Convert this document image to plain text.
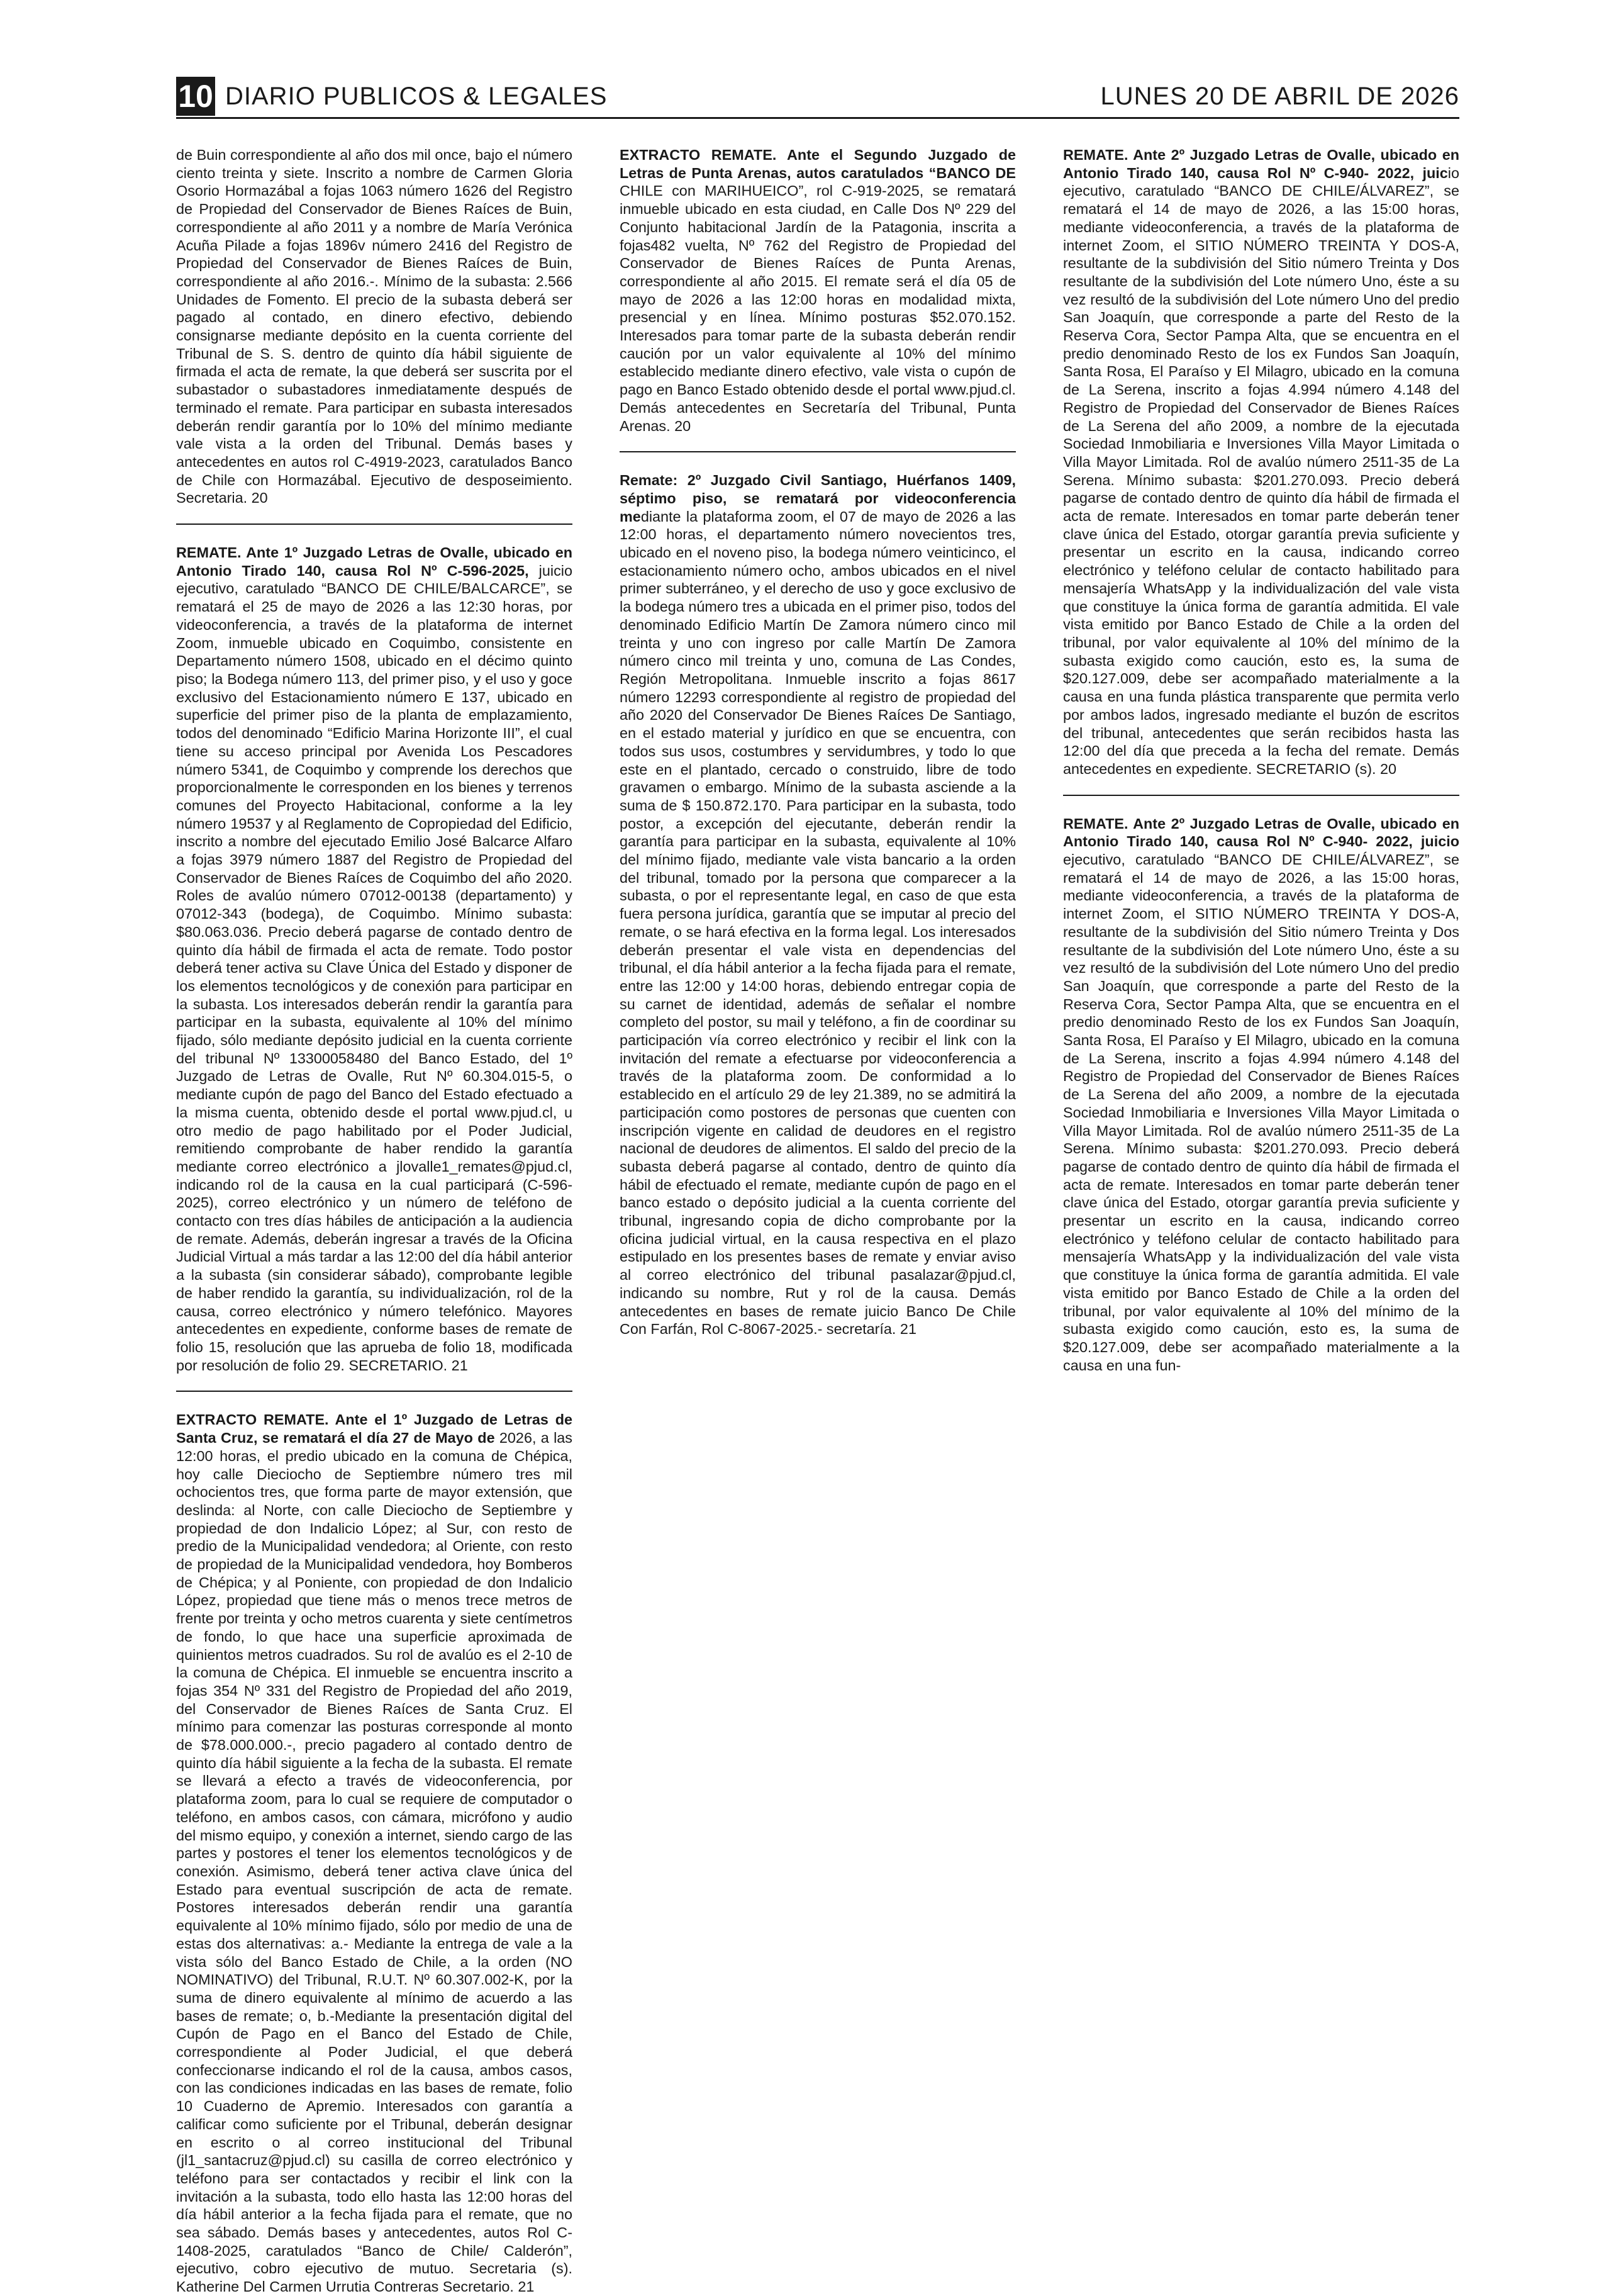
10 DIARIO PUBLICOS & LEGALES	LUNES 20 DE ABRIL DE 2026

de Buin correspondiente al año dos mil once, bajo el número ciento treinta y siete. Inscrito a nombre de Carmen Gloria Osorio Hormazábal a fojas 1063 número 1626 del Registro de Propiedad del Conservador de Bienes Raíces de Buin, correspondiente al año 2011 y a nombre de María Verónica Acuña Pilade a fojas 1896v número 2416 del Registro de Propiedad del Conservador de Bienes Raíces de Buin, correspondiente al año 2016.-. Mínimo de la subasta: 2.566 Unidades de Fomento. El precio de la subasta deberá ser pagado al contado, en dinero efectivo, debiendo consignarse mediante depósito en la cuenta corriente del Tribunal de S. S. dentro de quinto día hábil siguiente de firmada el acta de remate, la que deberá ser suscrita por el subastador o subastadores inmediatamente después de terminado el remate. Para participar en subasta interesados deberán rendir garantía por lo 10% del mínimo mediante vale vista a la orden del Tribunal. Demás bases y antecedentes en autos rol C-4919-2023, caratulados Banco de Chile con Hormazábal. Ejecutivo de desposeimiento. Secretaria. 20

REMATE. Ante 1º Juzgado Letras de Ovalle, ubicado en Antonio Tirado 140, causa Rol Nº C-596-2025, juicio ejecutivo, caratulado “BANCO DE CHILE/BALCARCE”, se rematará el 25 de mayo de 2026 a las 12:30 horas, por videoconferencia, a través de la plataforma de internet Zoom, inmueble ubicado en Coquimbo, consistente en Departamento número 1508, ubicado en el décimo quinto piso; la Bodega número 113, del primer piso, y el uso y goce exclusivo del Estacionamiento número E 137, ubicado en superficie del primer piso de la planta de emplazamiento, todos del denominado “Edificio Marina Horizonte III”, el cual tiene su acceso principal por Avenida Los Pescadores número 5341, de Coquimbo y comprende los derechos que proporcionalmente le corresponden en los bienes y terrenos comunes del Proyecto Habitacional, conforme a la ley número 19537 y al Reglamento de Copropiedad del Edificio, inscrito a nombre del ejecutado Emilio José Balcarce Alfaro a fojas 3979 número 1887 del Registro de Propiedad del Conservador de Bienes Raíces de Coquimbo del año 2020. Roles de avalúo número 07012-00138 (departamento) y 07012-343 (bodega), de Coquimbo. Mínimo subasta: $80.063.036. Precio deberá pagarse de contado dentro de quinto día hábil de firmada el acta de remate. Todo postor deberá tener activa su Clave Única del Estado y disponer de los elementos tecnológicos y de conexión para participar en la subasta. Los interesados deberán rendir la garantía para participar en la subasta, equivalente al 10% del mínimo fijado, sólo mediante depósito judicial en la cuenta corriente del tribunal Nº 13300058480 del Banco Estado, del 1º Juzgado de Letras de Ovalle, Rut Nº 60.304.015-5, o mediante cupón de pago del Banco del Estado efectuado a la misma cuenta, obtenido desde el portal www.pjud.cl, u otro medio de pago habilitado por el Poder Judicial, remitiendo comprobante de haber rendido la garantía mediante correo electrónico a jlovalle1_remates@pjud.cl, indicando rol de la causa en la cual participará (C-596- 2025), correo electrónico y un número de teléfono de contacto con tres días hábiles de anticipación a la audiencia de remate. Además, deberán ingresar a través de la Oficina Judicial Virtual a más tardar a las 12:00 del día hábil anterior a la subasta (sin considerar sábado), comprobante legible de haber rendido la garantía, su individualización, rol de la causa, correo electrónico y número telefónico. Mayores antecedentes en expediente, conforme bases de remate de folio 15, resolución que las aprueba de folio 18, modificada por resolución de folio 29. SECRETARIO. 21

EXTRACTO REMATE. Ante el 1º Juzgado de Letras de Santa Cruz, se rematará el día 27 de Mayo de 2026, a las 12:00 horas, el predio ubicado en la comuna de Chépica, hoy calle Dieciocho de Septiembre número tres mil ochocientos tres, que forma parte de mayor extensión, que deslinda: al Norte, con calle Dieciocho de Septiembre y propiedad de don Indalicio López; al Sur, con resto de predio de la Municipalidad vendedora; al Oriente, con resto de propiedad de la Municipalidad vendedora, hoy Bomberos de Chépica; y al Poniente, con propiedad de don Indalicio López, propiedad que tiene más o menos trece metros de frente por treinta y ocho metros cuarenta y siete centímetros de fondo, lo que hace una superficie aproximada de quinientos metros cuadrados. Su rol de avalúo es el 2-10 de la comuna de Chépica. El inmueble se encuentra inscrito a fojas 354 Nº 331 del Registro de Propiedad del año 2019, del Conservador de Bienes Raíces de Santa Cruz. El mínimo para comenzar las posturas corresponde al monto de $78.000.000.-, precio pagadero al contado dentro de quinto día hábil siguiente a la fecha de la subasta. El remate se llevará a efecto a través de videoconferencia, por plataforma zoom, para lo cual se requiere de computador o teléfono, en ambos casos, con cámara, micrófono y audio del mismo equipo, y conexión a internet, siendo cargo de las partes y postores el tener los elementos tecnológicos y de conexión. Asimismo, deberá tener activa clave única del Estado para eventual suscripción de acta de remate. Postores interesados deberán rendir una garantía equivalente al 10% mínimo fijado, sólo por medio de una de estas dos alternativas: a.- Mediante la entrega de vale a la vista sólo del Banco Estado de Chile, a la orden (NO NOMINATIVO) del Tribunal, R.U.T. Nº 60.307.002-K, por la suma de dinero equivalente al mínimo de acuerdo a las bases de remate; o, b.-Mediante la presentación digital del Cupón de Pago en el Banco del Estado de Chile, correspondiente al Poder Judicial, el que deberá confeccionarse indicando el rol de la causa, ambos casos, con las condiciones indicadas en las bases de remate, folio 10 Cuaderno de Apremio. Interesados con garantía a calificar como suficiente por el Tribunal, deberán designar en escrito o al correo institucional del Tribunal (jl1_santacruz@pjud.cl) su casilla de correo electrónico y teléfono para ser contactados y recibir el link con la invitación a la subasta, todo ello hasta las 12:00 horas del día hábil anterior a la fecha fijada para el remate, que no sea sábado. Demás bases y antecedentes, autos Rol C-1408-2025, caratulados “Banco de Chile/ Calderón”, ejecutivo, cobro ejecutivo de mutuo. Secretaria (s). Katherine Del Carmen Urrutia Contreras Secretario. 21

EXTRACTO REMATE. Ante el Segundo Juzgado de Letras de Punta Arenas, autos caratulados “BANCO DE CHILE con MARIHUEICO”, rol C-919-2025, se rematará inmueble ubicado en esta ciudad, en Calle Dos Nº 229 del Conjunto habitacional Jardín de la Patagonia, inscrita a fojas482 vuelta, Nº 762 del Registro de Propiedad del Conservador de Bienes Raíces de Punta Arenas, correspondiente al año 2015. El remate será el día 05 de mayo de 2026 a las 12:00 horas en modalidad mixta, presencial y en línea. Mínimo posturas $52.070.152. Interesados para tomar parte de la subasta deberán rendir caución por un valor equivalente al 10% del mínimo establecido mediante dinero efectivo, vale vista o cupón de pago en Banco Estado obtenido desde el portal www.pjud.cl. Demás antecedentes en Secretaría del Tribunal, Punta Arenas. 20

Remate: 2º Juzgado Civil Santiago, Huérfanos 1409, séptimo piso, se rematará por videoconferencia mediante la plataforma zoom, el 07 de mayo de 2026 a las 12:00 horas, el departamento número novecientos tres, ubicado en el noveno piso, la bodega número veinticinco, el estacionamiento número ocho, ambos ubicados en el nivel primer subterráneo, y el derecho de uso y goce exclusivo de la bodega número tres a ubicada en el primer piso, todos del denominado Edificio Martín De Zamora número cinco mil treinta y uno con ingreso por calle Martín De Zamora número cinco mil treinta y uno, comuna de Las Condes, Región Metropolitana. Inmueble inscrito a fojas 8617 número 12293 correspondiente al registro de propiedad del año 2020 del Conservador De Bienes Raíces De Santiago, en el estado material y jurídico en que se encuentra, con todos sus usos, costumbres y servidumbres, y todo lo que este en el plantado, cercado o construido, libre de todo gravamen o embargo. Mínimo de la subasta asciende a la suma de $ 150.872.170. Para participar en la subasta, todo postor, a excepción del ejecutante, deberán rendir la garantía para participar en la subasta, equivalente al 10% del mínimo fijado, mediante vale vista bancario a la orden del tribunal, tomado por la persona que comparecer a la subasta, o por el representante legal, en caso de que esta fuera persona jurídica, garantía que se imputar al precio del remate, o se hará efectiva en la forma legal. Los interesados deberán presentar el vale vista en dependencias del tribunal, el día hábil anterior a la fecha fijada para el remate, entre las 12:00 y 14:00 horas, debiendo entregar copia de su carnet de identidad, además de señalar el nombre completo del postor, su mail y teléfono, a fin de coordinar su participación vía correo electrónico y recibir el link con la invitación del remate a efectuarse por videoconferencia a través de la plataforma zoom. De conformidad a lo establecido en el artículo 29 de ley 21.389, no se admitirá la participación como postores de personas que cuenten con inscripción vigente en calidad de deudores en el registro nacional de deudores de alimentos. El saldo del precio de la subasta deberá pagarse al contado, dentro de quinto día hábil de efectuado el remate, mediante cupón de pago en el banco estado o depósito judicial a la cuenta corriente del tribunal, ingresando copia de dicho comprobante por la oficina judicial virtual, en la causa respectiva en el plazo estipulado en los presentes bases de remate y enviar aviso al correo electrónico del tribunal pasalazar@pjud.cl, indicando su nombre, Rut y rol de la causa. Demás antecedentes en bases de remate juicio Banco De Chile Con Farfán, Rol C-8067-2025.- secretaría. 21

REMATE. Ante 2º Juzgado Letras de Ovalle, ubicado en Antonio Tirado 140, causa Rol Nº C-940- 2022, juicio ejecutivo, caratulado “BANCO DE CHILE/ÁLVAREZ”, se rematará el 14 de mayo de 2026, a las 15:00 horas, mediante videoconferencia, a través de la plataforma de internet Zoom, el SITIO NÚMERO TREINTA Y DOS-A, resultante de la subdivisión del Sitio número Treinta y Dos resultante de la subdivisión del Lote número Uno, éste a su vez resultó de la subdivisión del Lote número Uno del predio San Joaquín, que corresponde a parte del Resto de la Reserva Cora, Sector Pampa Alta, que se encuentra en el predio denominado Resto de los ex Fundos San Joaquín, Santa Rosa, El Paraíso y El Milagro, ubicado en la comuna de La Serena, inscrito a fojas 4.994 número 4.148 del Registro de Propiedad del Conservador de Bienes Raíces de La Serena del año 2009, a nombre de la ejecutada Sociedad Inmobiliaria e Inversiones Villa Mayor Limitada o Villa Mayor Limitada. Rol de avalúo número 2511-35 de La Serena. Mínimo subasta: $201.270.093. Precio deberá pagarse de contado dentro de quinto día hábil de firmada el acta de remate. Interesados en tomar parte deberán tener clave única del Estado, otorgar garantía previa suficiente y presentar un escrito en la causa, indicando correo electrónico y teléfono celular de contacto habilitado para mensajería WhatsApp y la individualización del vale vista que constituye la única forma de garantía admitida. El vale vista emitido por Banco Estado de Chile a la orden del tribunal, por valor equivalente al 10% del mínimo de la subasta exigido como caución, esto es, la suma de $20.127.009, debe ser acompañado materialmente a la causa en una funda plástica transparente que permita verlo por ambos lados, ingresado mediante el buzón de escritos del tribunal, antecedentes que serán recibidos hasta las 12:00 del día que preceda a la fecha del remate. Demás antecedentes en expediente. SECRETARIO (s). 20

REMATE. Ante 2º Juzgado Letras de Ovalle, ubicado en Antonio Tirado 140, causa Rol Nº C-940- 2022, juicio ejecutivo, caratulado “BANCO DE CHILE/ÁLVAREZ”, se rematará el 14 de mayo de 2026, a las 15:00 horas, mediante videoconferencia, a través de la plataforma de internet Zoom, el SITIO NÚMERO TREINTA Y DOS-A, resultante de la subdivisión del Sitio número Treinta y Dos resultante de la subdivisión del Lote número Uno, éste a su vez resultó de la subdivisión del Lote número Uno del predio San Joaquín, que corresponde a parte del Resto de la Reserva Cora, Sector Pampa Alta, que se encuentra en el predio denominado Resto de los ex Fundos San Joaquín, Santa Rosa, El Paraíso y El Milagro, ubicado en la comuna de La Serena, inscrito a fojas 4.994 número 4.148 del Registro de Propiedad del Conservador de Bienes Raíces de La Serena del año 2009, a nombre de la ejecutada Sociedad Inmobiliaria e Inversiones Villa Mayor Limitada o Villa Mayor Limitada. Rol de avalúo número 2511-35 de La Serena. Mínimo subasta: $201.270.093. Precio deberá pagarse de contado dentro de quinto día hábil de firmada el acta de remate. Interesados en tomar parte deberán tener clave única del Estado, otorgar garantía previa suficiente y presentar un escrito en la causa, indicando correo electrónico y teléfono celular de contacto habilitado para mensajería WhatsApp y la individualización del vale vista que constituye la única forma de garantía admitida. El vale vista emitido por Banco Estado de Chile a la orden del tribunal, por valor equivalente al 10% del mínimo de la subasta exigido como caución, esto es, la suma de $20.127.009, debe ser acompañado materialmente a la causa en una fun-
